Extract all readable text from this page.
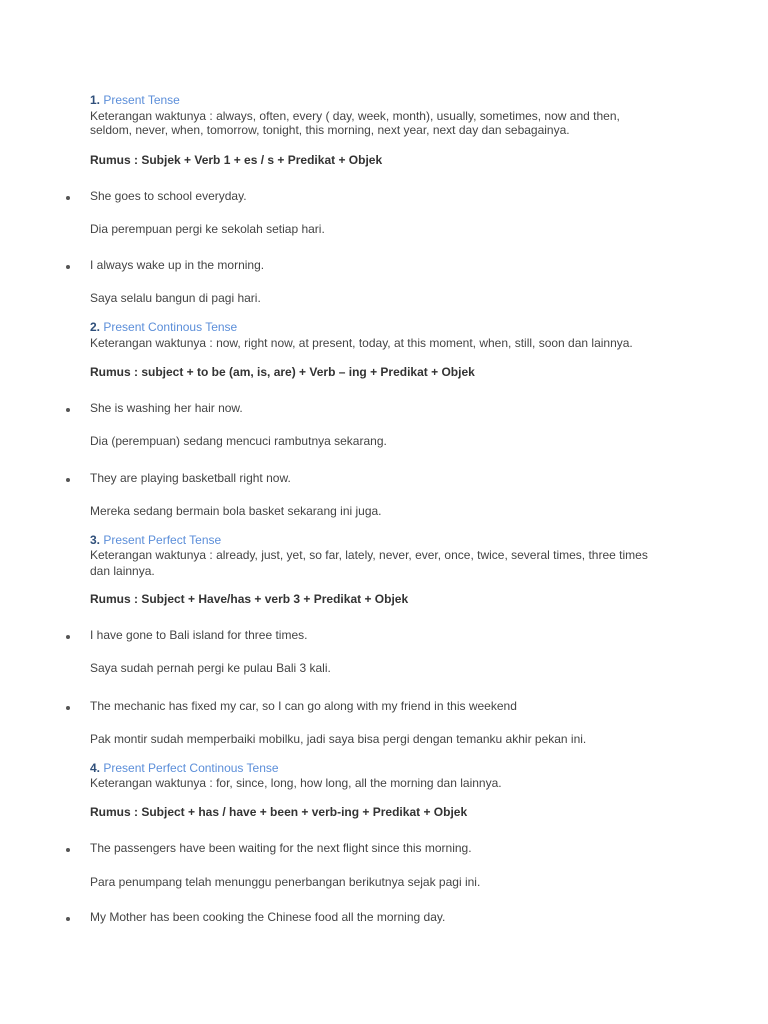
1. Present Tense
Keterangan waktunya : always, often, every ( day, week, month), usually, sometimes, now and then,
seldom, never, when, tomorrow, tonight, this morning, next year, next day dan sebagainya.
Rumus : Subjek + Verb 1 + es / s + Predikat + Objek
She goes to school everyday.
Dia perempuan pergi ke sekolah setiap hari.
I always wake up in the morning.
Saya selalu bangun di pagi hari.
2. Present Continous Tense
Keterangan waktunya : now, right now, at present, today, at this moment, when, still, soon dan lainnya.
Rumus : subject + to be (am, is, are) + Verb – ing + Predikat + Objek
She is washing her hair now.
Dia (perempuan) sedang mencuci rambutnya sekarang.
They are playing basketball right now.
Mereka sedang bermain bola basket sekarang ini juga.
3. Present Perfect Tense
Keterangan waktunya : already, just, yet, so far, lately, never, ever, once, twice, several times, three times
dan lainnya.
Rumus : Subject + Have/has + verb 3 + Predikat + Objek
I have gone to Bali island for three times.
Saya sudah pernah pergi ke pulau Bali 3 kali.
The mechanic has fixed my car, so I can go along with my friend in this weekend
Pak montir sudah memperbaiki mobilku, jadi saya bisa pergi dengan temanku akhir pekan ini.
4. Present Perfect Continous Tense
Keterangan waktunya : for, since, long, how long, all the morning dan lainnya.
Rumus : Subject + has / have + been + verb-ing + Predikat + Objek
The passengers have been waiting for the next flight since this morning.
Para penumpang telah menunggu penerbangan berikutnya sejak pagi ini.
My Mother has been cooking the Chinese food all the morning day.
